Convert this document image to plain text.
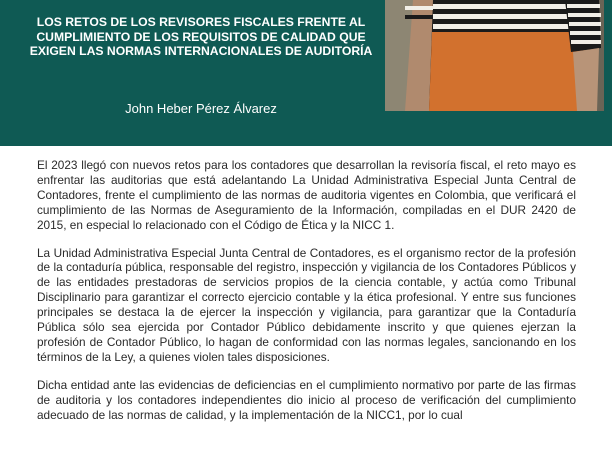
LOS RETOS DE LOS REVISORES FISCALES FRENTE AL CUMPLIMIENTO DE LOS REQUISITOS DE CALIDAD QUE EXIGEN LAS NORMAS INTERNACIONALES DE AUDITORÍA

John Heber Pérez Álvarez

El 2023 llegó con nuevos retos para los contadores que desarrollan la revisoría fiscal, el reto mayo es enfrentar las auditorias que está adelantando La Unidad Administrativa Especial Junta Central de Contadores, frente el cumplimiento de las normas de auditoria vigentes en Colombia, que verificará el cumplimiento de las Normas de Aseguramiento de la Información, compiladas en el DUR 2420 de 2015, en especial lo relacionado con el Código de Ética y la NICC 1.

La Unidad Administrativa Especial Junta Central de Contadores, es el organismo rector de la profesión de la contaduría pública, responsable del registro, inspección y vigilancia de los Contadores Públicos y de las entidades prestadoras de servicios propios de la ciencia contable, y actúa como Tribunal Disciplinario para garantizar el correcto ejercicio contable y la ética profesional. Y entre sus funciones principales se destaca la de ejercer la inspección y vigilancia, para garantizar que la Contaduría Pública sólo sea ejercida por Contador Público debidamente inscrito y que quienes ejerzan la profesión de Contador Público, lo hagan de conformidad con las normas legales, sancionando en los términos de la Ley, a quienes violen tales disposiciones.

Dicha entidad ante las evidencias de deficiencias en el cumplimiento normativo por parte de las firmas de auditoria y los contadores independientes dio inicio al proceso de verificación del cumplimiento adecuado de las normas de calidad, y la implementación de la NICC1, por lo cual
